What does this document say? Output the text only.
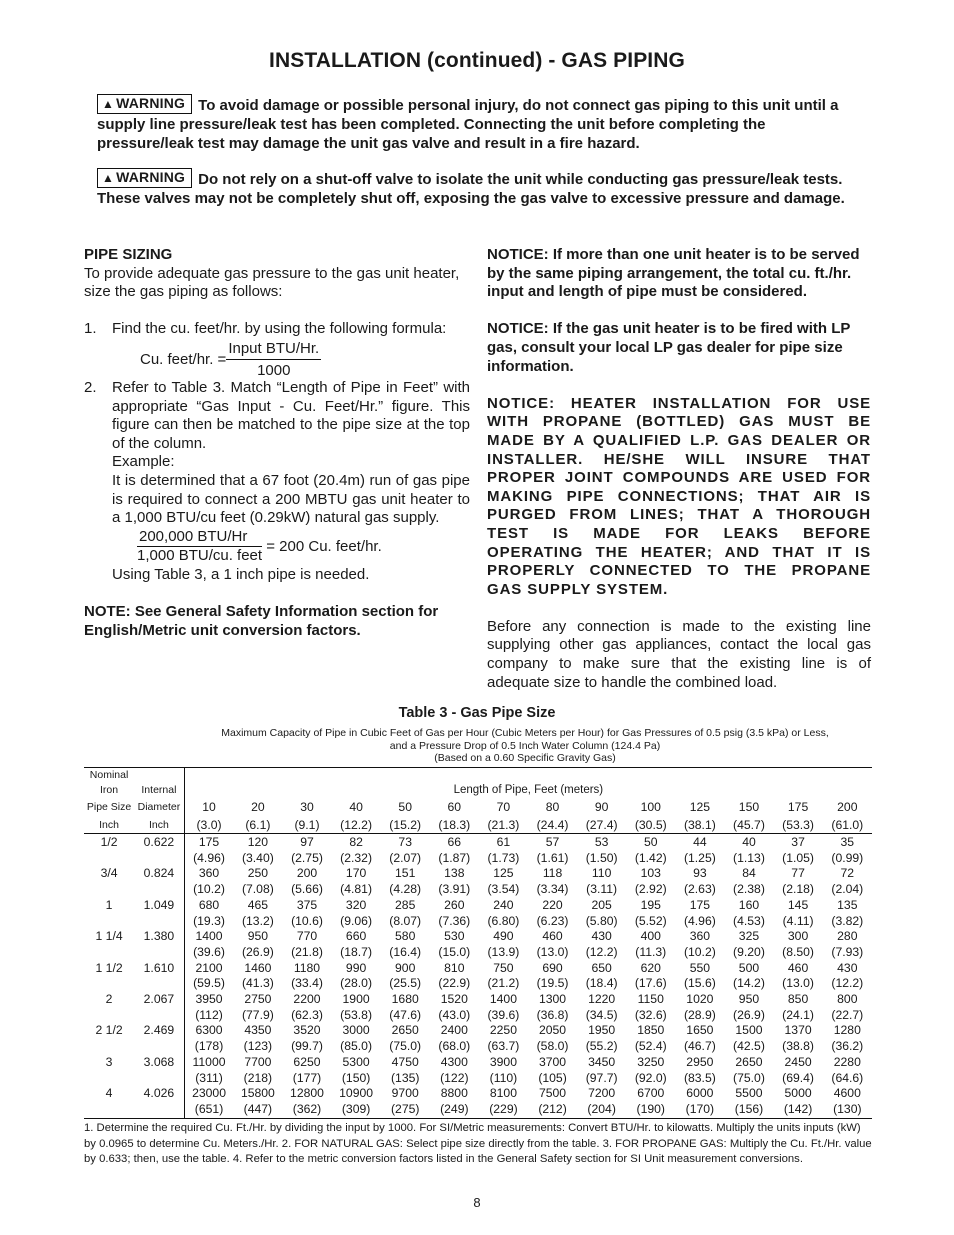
INSTALLATION (continued) - GAS PIPING
▲ WARNING To avoid damage or possible personal injury, do not connect gas piping to this unit until a supply line pressure/leak test has been completed. Connecting the unit before completing the pressure/leak test may damage the unit gas valve and result in a fire hazard.
▲ WARNING Do not rely on a shut-off valve to isolate the unit while conducting gas pressure/leak tests. These valves may not be completely shut off, exposing the gas valve to excessive pressure and damage.
PIPE SIZING
To provide adequate gas pressure to the gas unit heater, size the gas piping as follows:
1. Find the cu. feet/hr. by using the following formula:
Cu. feet/hr. = $\frac{\text{Input BTU/Hr.}}{1000}$
2. Refer to Table 3. Match “Length of Pipe in Feet” with appropriate “Gas Input - Cu. Feet/Hr.” figure. This figure can then be matched to the pipe size at the top of the column.
Example:
It is determined that a 67 foot (20.4m) run of gas pipe is required to connect a 200 MBTU gas unit heater to a 1,000 BTU/cu feet (0.29kW) natural gas supply.
$\frac{\text{200,000 BTU/Hr}}{\text{1,000 BTU/cu. feet}} = 200$ Cu. feet/hr.
Using Table 3, a 1 inch pipe is needed.
NOTE: See General Safety Information section for English/Metric unit conversion factors.
NOTICE: If more than one unit heater is to be served by the same piping arrangement, the total cu. ft./hr. input and length of pipe must be considered.
NOTICE: If the gas unit heater is to be fired with LP gas, consult your local LP gas dealer for pipe size information.
NOTICE: HEATER INSTALLATION FOR USE WITH PROPANE (BOTTLED) GAS MUST BE MADE BY A QUALIFIED L.P. GAS DEALER OR INSTALLER. HE/SHE WILL INSURE THAT PROPER JOINT COMPOUNDS ARE USED FOR MAKING PIPE CONNECTIONS; THAT AIR IS PURGED FROM LINES; THAT A THOROUGH TEST IS MADE FOR LEAKS BEFORE OPERATING THE HEATER; AND THAT IT IS PROPERLY CONNECTED TO THE PROPANE GAS SUPPLY SYSTEM.
Before any connection is made to the existing line supplying other gas appliances, contact the local gas company to make sure that the existing line is of adequate size to handle the combined load.
Table 3 - Gas Pipe Size
Maximum Capacity of Pipe in Cubic Feet of Gas per Hour (Cubic Meters per Hour) for Gas Pressures of 0.5 psig (3.5 kPa) or Less,
and a Pressure Drop of 0.5 Inch Water Column (124.4 Pa)
(Based on a 0.60 Specific Gravity Gas)
Nominal															
Iron	Internal	Length of Pipe, Feet (meters)													
Pipe Size	Diameter	10	20	30	40	50	60	70	80	90	100	125	150	175	200
Inch	Inch	(3.0)	(6.1)	(9.1)	(12.2)	(15.2)	(18.3)	(21.3)	(24.4)	(27.4)	(30.5)	(38.1)	(45.7)	(53.3)	(61.0)
1/2	0.622	175	120	97	82	73	66	61	57	53	50	44	40	37	35
		(4.96)	(3.40)	(2.75)	(2.32)	(2.07)	(1.87)	(1.73)	(1.61)	(1.50)	(1.42)	(1.25)	(1.13)	(1.05)	(0.99)
3/4	0.824	360	250	200	170	151	138	125	118	110	103	93	84	77	72
		(10.2)	(7.08)	(5.66)	(4.81)	(4.28)	(3.91)	(3.54)	(3.34)	(3.11)	(2.92)	(2.63)	(2.38)	(2.18)	(2.04)
1	1.049	680	465	375	320	285	260	240	220	205	195	175	160	145	135
		(19.3)	(13.2)	(10.6)	(9.06)	(8.07)	(7.36)	(6.80)	(6.23)	(5.80)	(5.52)	(4.96)	(4.53)	(4.11)	(3.82)
1 1/4	1.380	1400	950	770	660	580	530	490	460	430	400	360	325	300	280
		(39.6)	(26.9)	(21.8)	(18.7)	(16.4)	(15.0)	(13.9)	(13.0)	(12.2)	(11.3)	(10.2)	(9.20)	(8.50)	(7.93)
1 1/2	1.610	2100	1460	1180	990	900	810	750	690	650	620	550	500	460	430
		(59.5)	(41.3)	(33.4)	(28.0)	(25.5)	(22.9)	(21.2)	(19.5)	(18.4)	(17.6)	(15.6)	(14.2)	(13.0)	(12.2)
2	2.067	3950	2750	2200	1900	1680	1520	1400	1300	1220	1150	1020	950	850	800
		(112)	(77.9)	(62.3)	(53.8)	(47.6)	(43.0)	(39.6)	(36.8)	(34.5)	(32.6)	(28.9)	(26.9)	(24.1)	(22.7)
2 1/2	2.469	6300	4350	3520	3000	2650	2400	2250	2050	1950	1850	1650	1500	1370	1280
		(178)	(123)	(99.7)	(85.0)	(75.0)	(68.0)	(63.7)	(58.0)	(55.2)	(52.4)	(46.7)	(42.5)	(38.8)	(36.2)
3	3.068	11000	7700	6250	5300	4750	4300	3900	3700	3450	3250	2950	2650	2450	2280
		(311)	(218)	(177)	(150)	(135)	(122)	(110)	(105)	(97.7)	(92.0)	(83.5)	(75.0)	(69.4)	(64.6)
4	4.026	23000	15800	12800	10900	9700	8800	8100	7500	7200	6700	6000	5500	5000	4600
		(651)	(447)	(362)	(309)	(275)	(249)	(229)	(212)	(204)	(190)	(170)	(156)	(142)	(130)
1. Determine the required Cu. Ft./Hr. by dividing the input by 1000. For SI/Metric measurements: Convert BTU/Hr. to kilowatts. Multiply the units inputs (kW) by 0.0965 to determine Cu. Meters./Hr. 2. FOR NATURAL GAS: Select pipe size directly from the table. 3. FOR PROPANE GAS: Multiply the Cu. Ft./Hr. value by 0.633; then, use the table. 4. Refer to the metric conversion factors listed in the General Safety section for SI Unit measurement conversions.
8
